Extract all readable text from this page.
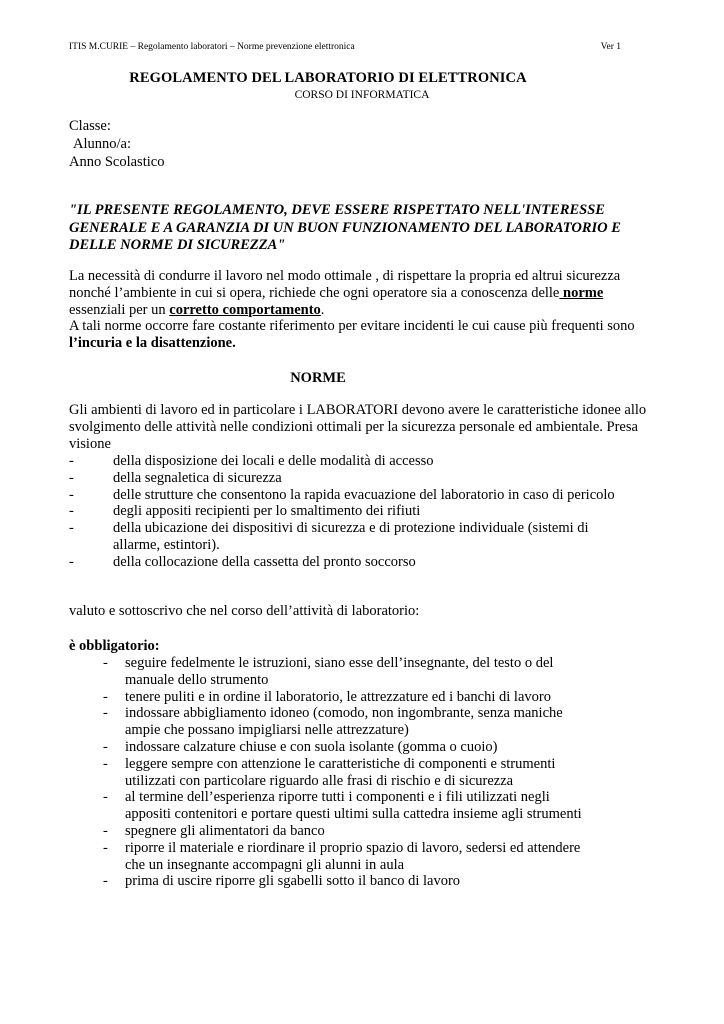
ITIS M.CURIE – Regolamento laboratori – Norme prevenzione elettronica	Ver 1
REGOLAMENTO DEL LABORATORIO DI ELETTRONICA
CORSO DI INFORMATICA
Classe:
Alunno/a:
Anno Scolastico
"IL PRESENTE REGOLAMENTO, DEVE ESSERE RISPETTATO NELL'INTERESSE GENERALE E A GARANZIA DI UN BUON FUNZIONAMENTO DEL LABORATORIO E DELLE NORME DI SICUREZZA"
La necessità di condurre il lavoro nel modo ottimale , di rispettare la propria ed altrui sicurezza nonché l’ambiente in cui si opera, richiede che ogni operatore sia a conoscenza delle norme essenziali per un corretto comportamento.
A tali norme occorre fare costante riferimento per evitare incidenti le cui cause più frequenti sono l’incuria e la disattenzione.
NORME
Gli ambienti di lavoro ed in particolare i LABORATORI devono avere le caratteristiche idonee allo svolgimento delle attività nelle condizioni ottimali per la sicurezza personale ed ambientale. Presa visione
-	della disposizione dei locali e delle modalità di accesso
-	della segnaletica di sicurezza
-	delle strutture che consentono la rapida evacuazione del laboratorio in caso di pericolo
-	degli appositi recipienti per lo smaltimento dei rifiuti
-	della ubicazione dei dispositivi di sicurezza e di protezione individuale (sistemi di allarme, estintori).
-	della collocazione della cassetta del pronto soccorso
valuto e sottoscrivo che nel corso dell’attività di laboratorio:
è obbligatorio:
-	seguire fedelmente le istruzioni, siano esse dell’insegnante, del testo o del manuale dello strumento
-	tenere puliti e in ordine il laboratorio, le attrezzature ed i banchi di lavoro
-	indossare abbigliamento idoneo (comodo, non ingombrante, senza maniche ampie che possano impigliarsi nelle attrezzature)
-	indossare calzature chiuse e con suola isolante (gomma o cuoio)
-	leggere sempre con attenzione le caratteristiche di componenti e strumenti utilizzati con particolare riguardo alle frasi di rischio e di sicurezza
-	al termine dell’esperienza riporre tutti i componenti e i fili utilizzati negli appositi contenitori e portare questi ultimi sulla cattedra insieme agli strumenti
-	spegnere gli alimentatori da banco
-	riporre il materiale e riordinare il proprio spazio di lavoro, sedersi ed attendere che un insegnante accompagni gli alunni in aula
-	prima di uscire riporre gli sgabelli sotto il banco di lavoro
